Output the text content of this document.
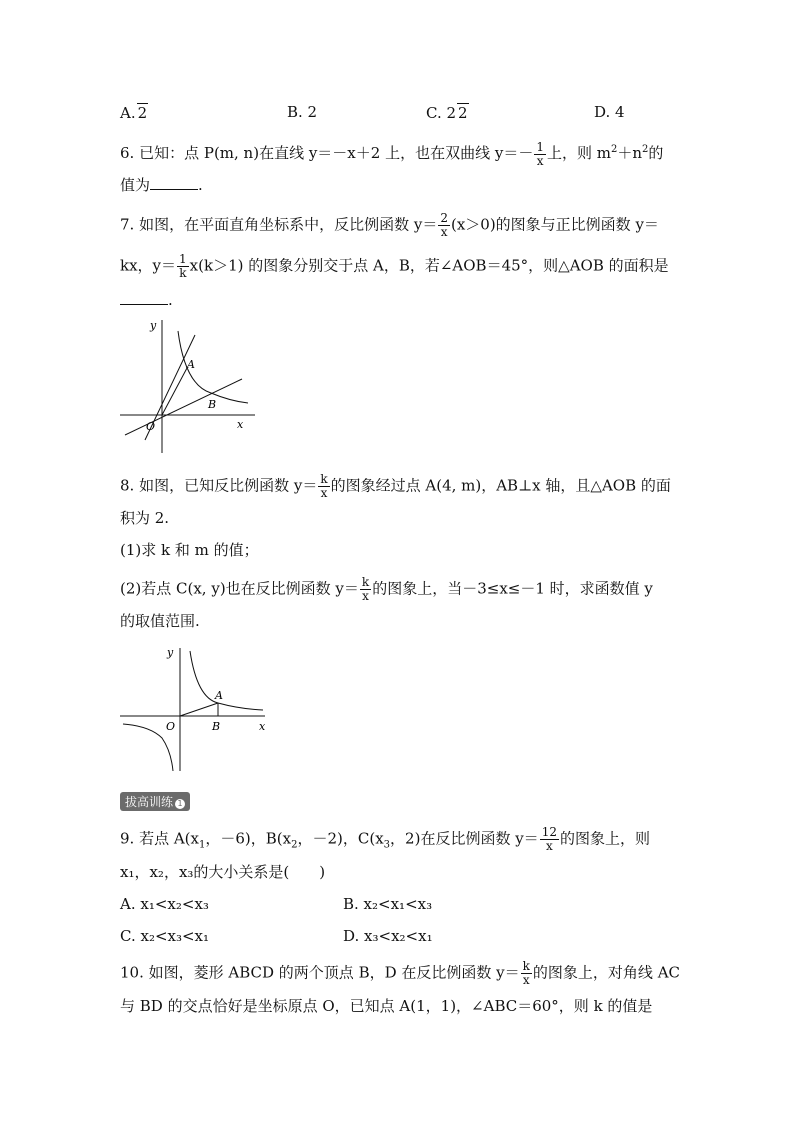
A. 2	B. 2	C. 2 2	D. 4
6. 已知：点 P(m, n)在直线 y＝－x＋2 上，也在双曲线 $y=- \frac{1}{x}$ 上，则 $m^2+n^2$的
值为	.
7. 如图，在平面直角坐标系中，反比例函数 $y= \frac{2}{x} (x>0)$的图象与正比例函数 y＝
kx，$y= \frac{1}{k} x(k>1)$ 的图象分别交于点 A，B，若∠AOB＝45°，则△AOB 的面积是
.
y
x
O
A
B
8. 如图，已知反比例函数 $y= \frac{k}{x}$ 的图象经过点 A(4, m)，AB⊥x 轴，且△AOB 的面
积为 2.
(1)求 k 和 m 的值；
(2)若点 C(x, y)也在反比例函数 $y= \frac{k}{x}$ 的图象上，当－3≤x≤－1 时，求函数值 y
的取值范围.
y
x
O
A
B
拔高训练 1
9. 若点 $A(x_1$，－6)，$B(x_2$，－2)，$C(x_3$，2)在反比例函数 $y= \frac{12}{x}$ 的图象上，则
x₁，x₂，x₃的大小关系是(　　)
A. x₁<x₂<x₃	B. x₂<x₁<x₃
C. x₂<x₃<x₁	D. x₃<x₂<x₁
10. 如图，菱形 ABCD 的两个顶点 B，D 在反比例函数 $y= \frac{k}{x}$ 的图象上，对角线 AC
与 BD 的交点恰好是坐标原点 O，已知点 A(1，1)，∠ABC＝60°，则 k 的值是
